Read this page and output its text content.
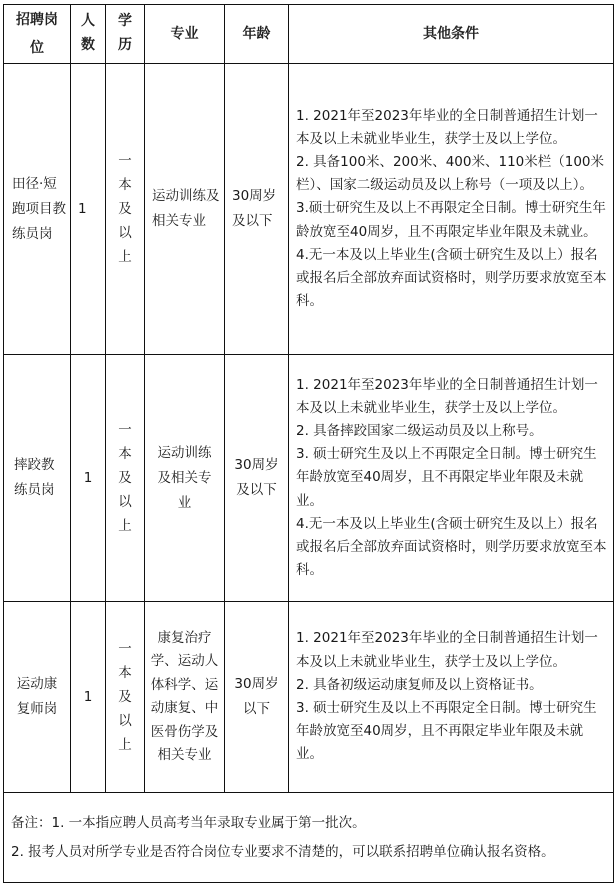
招聘岗位	人数	学历	专业	年龄	其他条件
田径·短跑项目教练员岗	1	一本及以上	运动训练及相关专业	30周岁及以下	1. 2021年至2023年毕业的全日制普通招生计划一本及以上未就业毕业生，获学士及以上学位。
2. 具备100米、200米、400米、110米栏（100米栏）、国家二级运动员及以上称号（一项及以上）。
3.硕士研究生及以上不再限定全日制。博士研究生年龄放宽至40周岁，且不再限定毕业年限及未就业。
4.无一本及以上毕业生(含硕士研究生及以上）报名或报名后全部放弃面试资格时，则学历要求放宽至本科。

摔跤教练员岗	1	一本及以上	运动训练及相关专业	30周岁及以下	1. 2021年至2023年毕业的全日制普通招生计划一本及以上未就业毕业生，获学士及以上学位。
2. 具备摔跤国家二级运动员及以上称号。
3. 硕士研究生及以上不再限定全日制。博士研究生年龄放宽至40周岁，且不再限定毕业年限及未就业。
4.无一本及以上毕业生(含硕士研究生及以上）报名或报名后全部放弃面试资格时，则学历要求放宽至本科。

运动康复师岗	1	一本及以上	康复治疗学、运动人体科学、运动康复、中医骨伤学及相关专业	30周岁以下	1. 2021年至2023年毕业的全日制普通招生计划一本及以上未就业毕业生，获学士及以上学位。
2. 具备初级运动康复师及以上资格证书。
3. 硕士研究生及以上不再限定全日制。博士研究生年龄放宽至40周岁，且不再限定毕业年限及未就业。

备注：1. 一本指应聘人员高考当年录取专业属于第一批次。
2. 报考人员对所学专业是否符合岗位专业要求不清楚的，可以联系招聘单位确认报名资格。					
